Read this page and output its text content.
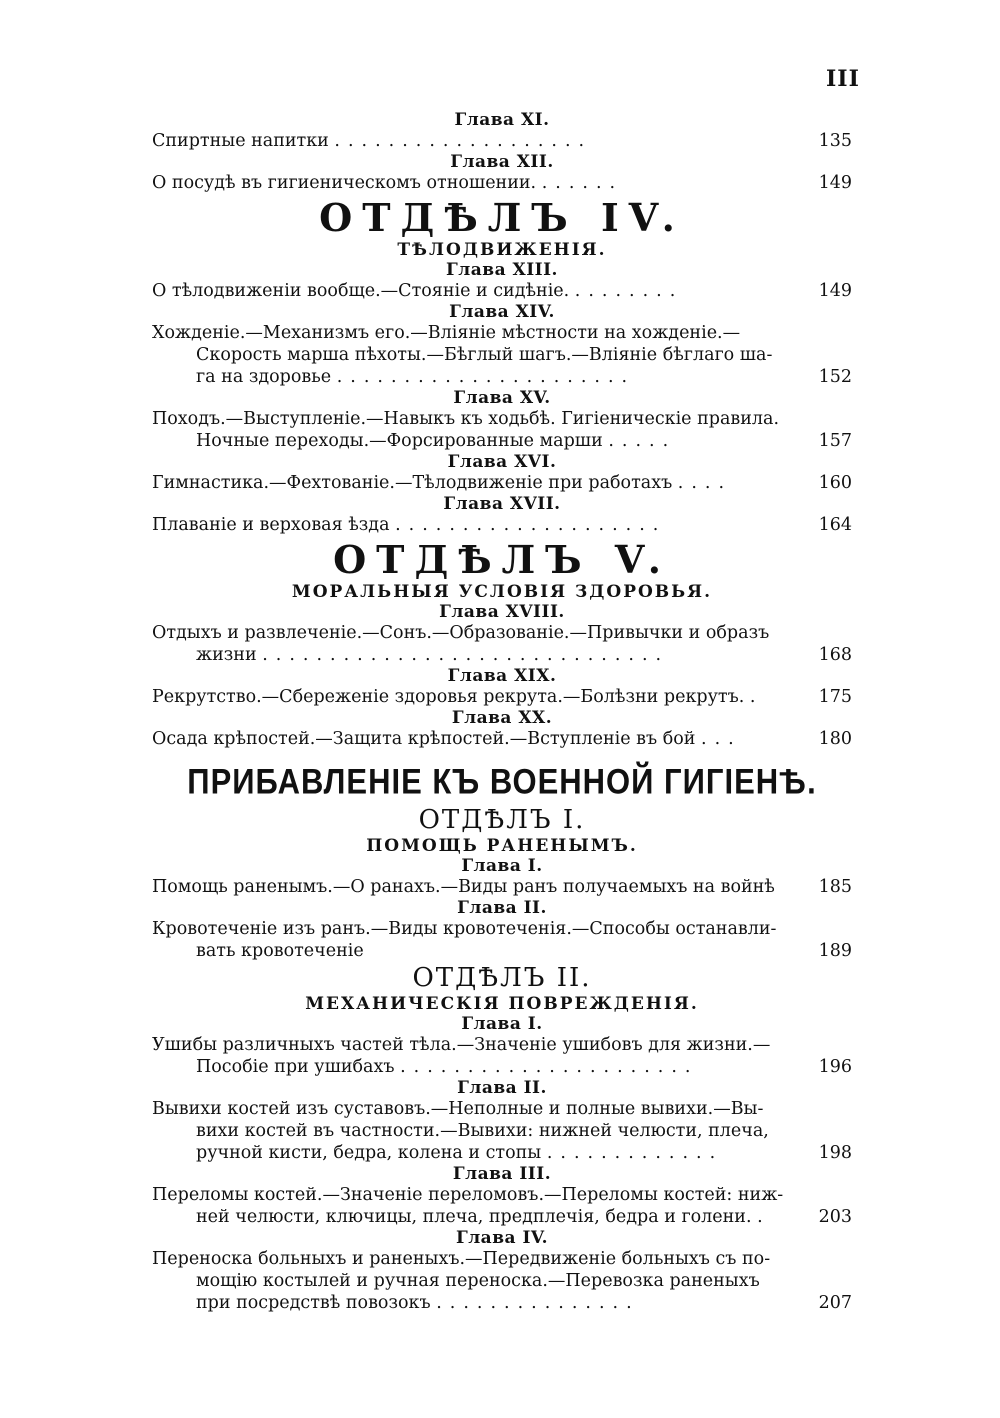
III

Глава XI.

Спиртные напитки ...................	135

Глава XII.

О посудѣ въ гигиеническомъ отношении. ......	149

ОТДѢЛЪ IV.

ТѢЛОДВИЖЕНІЯ.

Глава XIII.

О тѣлодвиженіи вообще.—Стояніе и сидѣніе. ........	149

Глава XIV.

Хожденіе.—Механизмъ его.—Вліяніе мѣстности на хожденіе.—
Скорость марша пѣхоты.—Бѣглый шагъ.—Вліяніе бѣглаго ша-
га на здоровье ......................	152

Глава XV.

Походъ.—Выступленіе.—Навыкъ къ ходьбѣ. Гигіеническіе правила.
Ночные переходы.—Форсированные марши .....	157

Глава XVI.

Гимнастика.—Фехтованіе.—Тѣлодвиженіе при работахъ ....	160

Глава XVII.

Плаваніе и верховая ѣзда ....................	164

ОТДѢЛЪ V.

МОРАЛЬНЫЯ УСЛОВІЯ ЗДОРОВЬЯ.

Глава XVIII.

Отдыхъ и развлеченіе.—Сонъ.—Образованіе.—Привычки и образъ
жизни ..............................	168

Глава XIX.

Рекрутство.—Сбереженіе здоровья рекрута.—Болѣзни рекрутъ. .	175

Глава XX.

Осада крѣпостей.—Защита крѣпостей.—Вступленіе въ бой ...	180

ПРИБАВЛЕНІЕ КЪ ВОЕННОЙ ГИГІЕНѢ.

ОТДѢЛЪ I.

ПОМОЩЬ РАНЕНЫМЪ.

Глава I.

Помощь раненымъ.—О ранахъ.—Виды ранъ получаемыхъ на войнѣ	185

Глава II.

Кровотеченіе изъ ранъ.—Виды кровотеченія.—Способы останавли-
вать кровотеченіе	189

ОТДѢЛЪ II.

МЕХАНИЧЕСКІЯ ПОВРЕЖДЕНІЯ.

Глава I.

Ушибы различныхъ частей тѣла.—Значеніе ушибовъ для жизни.—
Пособіе при ушибахъ ......................	196

Глава II.

Вывихи костей изъ суставовъ.—Неполные и полные вывихи.—Вы-
вихи костей въ частности.—Вывихи: нижней челюсти, плеча,
ручной кисти, бедра, колена и стопы .............	198

Глава III.

Переломы костей.—Значеніе переломовъ.—Переломы костей: ниж-
ней челюсти, ключицы, плеча, предплечія, бедра и голени. .	203

Глава IV.

Переноска больныхъ и раненыхъ.—Передвиженіе больныхъ съ по-
мощію костылей и ручная переноска.—Перевозка раненыхъ
при посредствѣ повозокъ ...............	207
